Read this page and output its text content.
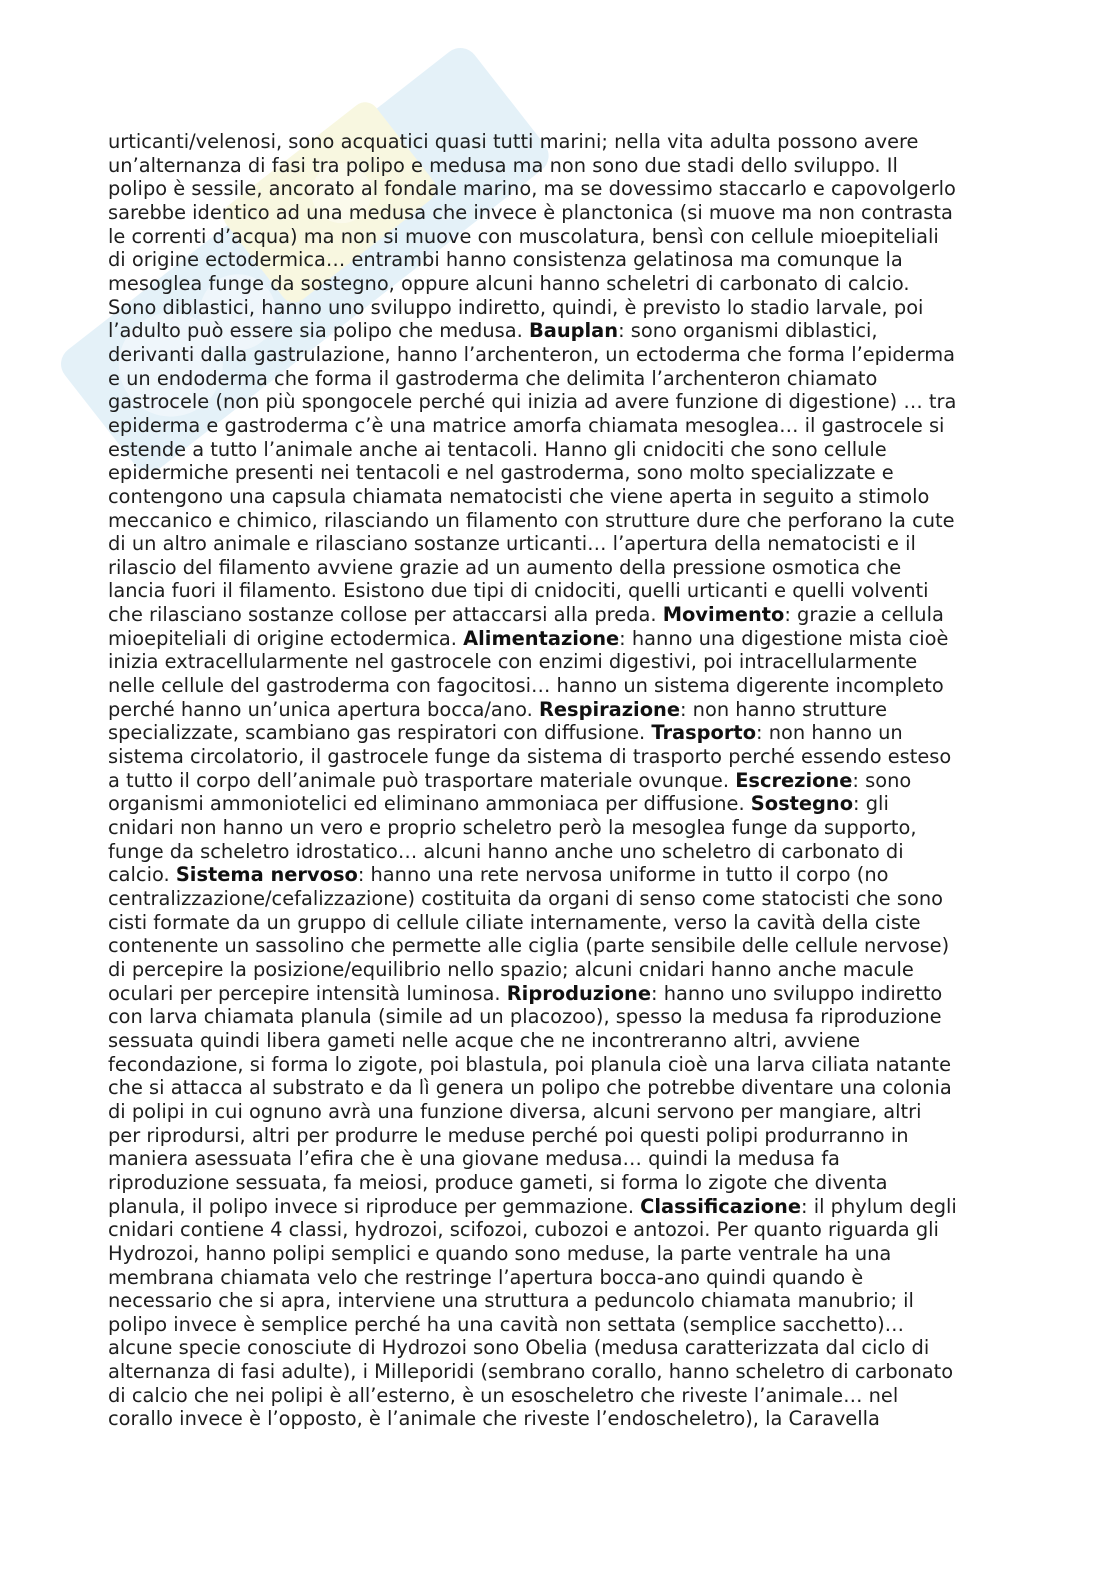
urticanti/velenosi, sono acquatici quasi tutti marini; nella vita adulta possono avere
un’alternanza di fasi tra polipo e medusa ma non sono due stadi dello sviluppo. Il
polipo è sessile, ancorato al fondale marino, ma se dovessimo staccarlo e capovolgerlo
sarebbe identico ad una medusa che invece è planctonica (si muove ma non contrasta
le correnti d’acqua) ma non si muove con muscolatura, bensì con cellule mioepiteliali
di origine ectodermica… entrambi hanno consistenza gelatinosa ma comunque la
mesoglea funge da sostegno, oppure alcuni hanno scheletri di carbonato di calcio.
Sono diblastici, hanno uno sviluppo indiretto, quindi, è previsto lo stadio larvale, poi
l’adulto può essere sia polipo che medusa. Bauplan: sono organismi diblastici,
derivanti dalla gastrulazione, hanno l’archenteron, un ectoderma che forma l’epiderma
e un endoderma che forma il gastroderma che delimita l’archenteron chiamato
gastrocele (non più spongocele perché qui inizia ad avere funzione di digestione) … tra
epiderma e gastroderma c’è una matrice amorfa chiamata mesoglea… il gastrocele si
estende a tutto l’animale anche ai tentacoli. Hanno gli cnidociti che sono cellule
epidermiche presenti nei tentacoli e nel gastroderma, sono molto specializzate e
contengono una capsula chiamata nematocisti che viene aperta in seguito a stimolo
meccanico e chimico, rilasciando un filamento con strutture dure che perforano la cute
di un altro animale e rilasciano sostanze urticanti… l’apertura della nematocisti e il
rilascio del filamento avviene grazie ad un aumento della pressione osmotica che
lancia fuori il filamento. Esistono due tipi di cnidociti, quelli urticanti e quelli volventi
che rilasciano sostanze collose per attaccarsi alla preda. Movimento: grazie a cellula
mioepiteliali di origine ectodermica. Alimentazione: hanno una digestione mista cioè
inizia extracellularmente nel gastrocele con enzimi digestivi, poi intracellularmente
nelle cellule del gastroderma con fagocitosi… hanno un sistema digerente incompleto
perché hanno un’unica apertura bocca/ano. Respirazione: non hanno strutture
specializzate, scambiano gas respiratori con diffusione. Trasporto: non hanno un
sistema circolatorio, il gastrocele funge da sistema di trasporto perché essendo esteso
a tutto il corpo dell’animale può trasportare materiale ovunque. Escrezione: sono
organismi ammoniotelici ed eliminano ammoniaca per diffusione. Sostegno: gli
cnidari non hanno un vero e proprio scheletro però la mesoglea funge da supporto,
funge da scheletro idrostatico… alcuni hanno anche uno scheletro di carbonato di
calcio. Sistema nervoso: hanno una rete nervosa uniforme in tutto il corpo (no
centralizzazione/cefalizzazione) costituita da organi di senso come statocisti che sono
cisti formate da un gruppo di cellule ciliate internamente, verso la cavità della ciste
contenente un sassolino che permette alle ciglia (parte sensibile delle cellule nervose)
di percepire la posizione/equilibrio nello spazio; alcuni cnidari hanno anche macule
oculari per percepire intensità luminosa. Riproduzione: hanno uno sviluppo indiretto
con larva chiamata planula (simile ad un placozoo), spesso la medusa fa riproduzione
sessuata quindi libera gameti nelle acque che ne incontreranno altri, avviene
fecondazione, si forma lo zigote, poi blastula, poi planula cioè una larva ciliata natante
che si attacca al substrato e da lì genera un polipo che potrebbe diventare una colonia
di polipi in cui ognuno avrà una funzione diversa, alcuni servono per mangiare, altri
per riprodursi, altri per produrre le meduse perché poi questi polipi produrranno in
maniera asessuata l’efira che è una giovane medusa… quindi la medusa fa
riproduzione sessuata, fa meiosi, produce gameti, si forma lo zigote che diventa
planula, il polipo invece si riproduce per gemmazione. Classificazione: il phylum degli
cnidari contiene 4 classi, hydrozoi, scifozoi, cubozoi e antozoi. Per quanto riguarda gli
Hydrozoi, hanno polipi semplici e quando sono meduse, la parte ventrale ha una
membrana chiamata velo che restringe l’apertura bocca-ano quindi quando è
necessario che si apra, interviene una struttura a peduncolo chiamata manubrio; il
polipo invece è semplice perché ha una cavità non settata (semplice sacchetto)…
alcune specie conosciute di Hydrozoi sono Obelia (medusa caratterizzata dal ciclo di
alternanza di fasi adulte), i Milleporidi (sembrano corallo, hanno scheletro di carbonato
di calcio che nei polipi è all’esterno, è un esoscheletro che riveste l’animale… nel
corallo invece è l’opposto, è l’animale che riveste l’endoscheletro), la Caravella
